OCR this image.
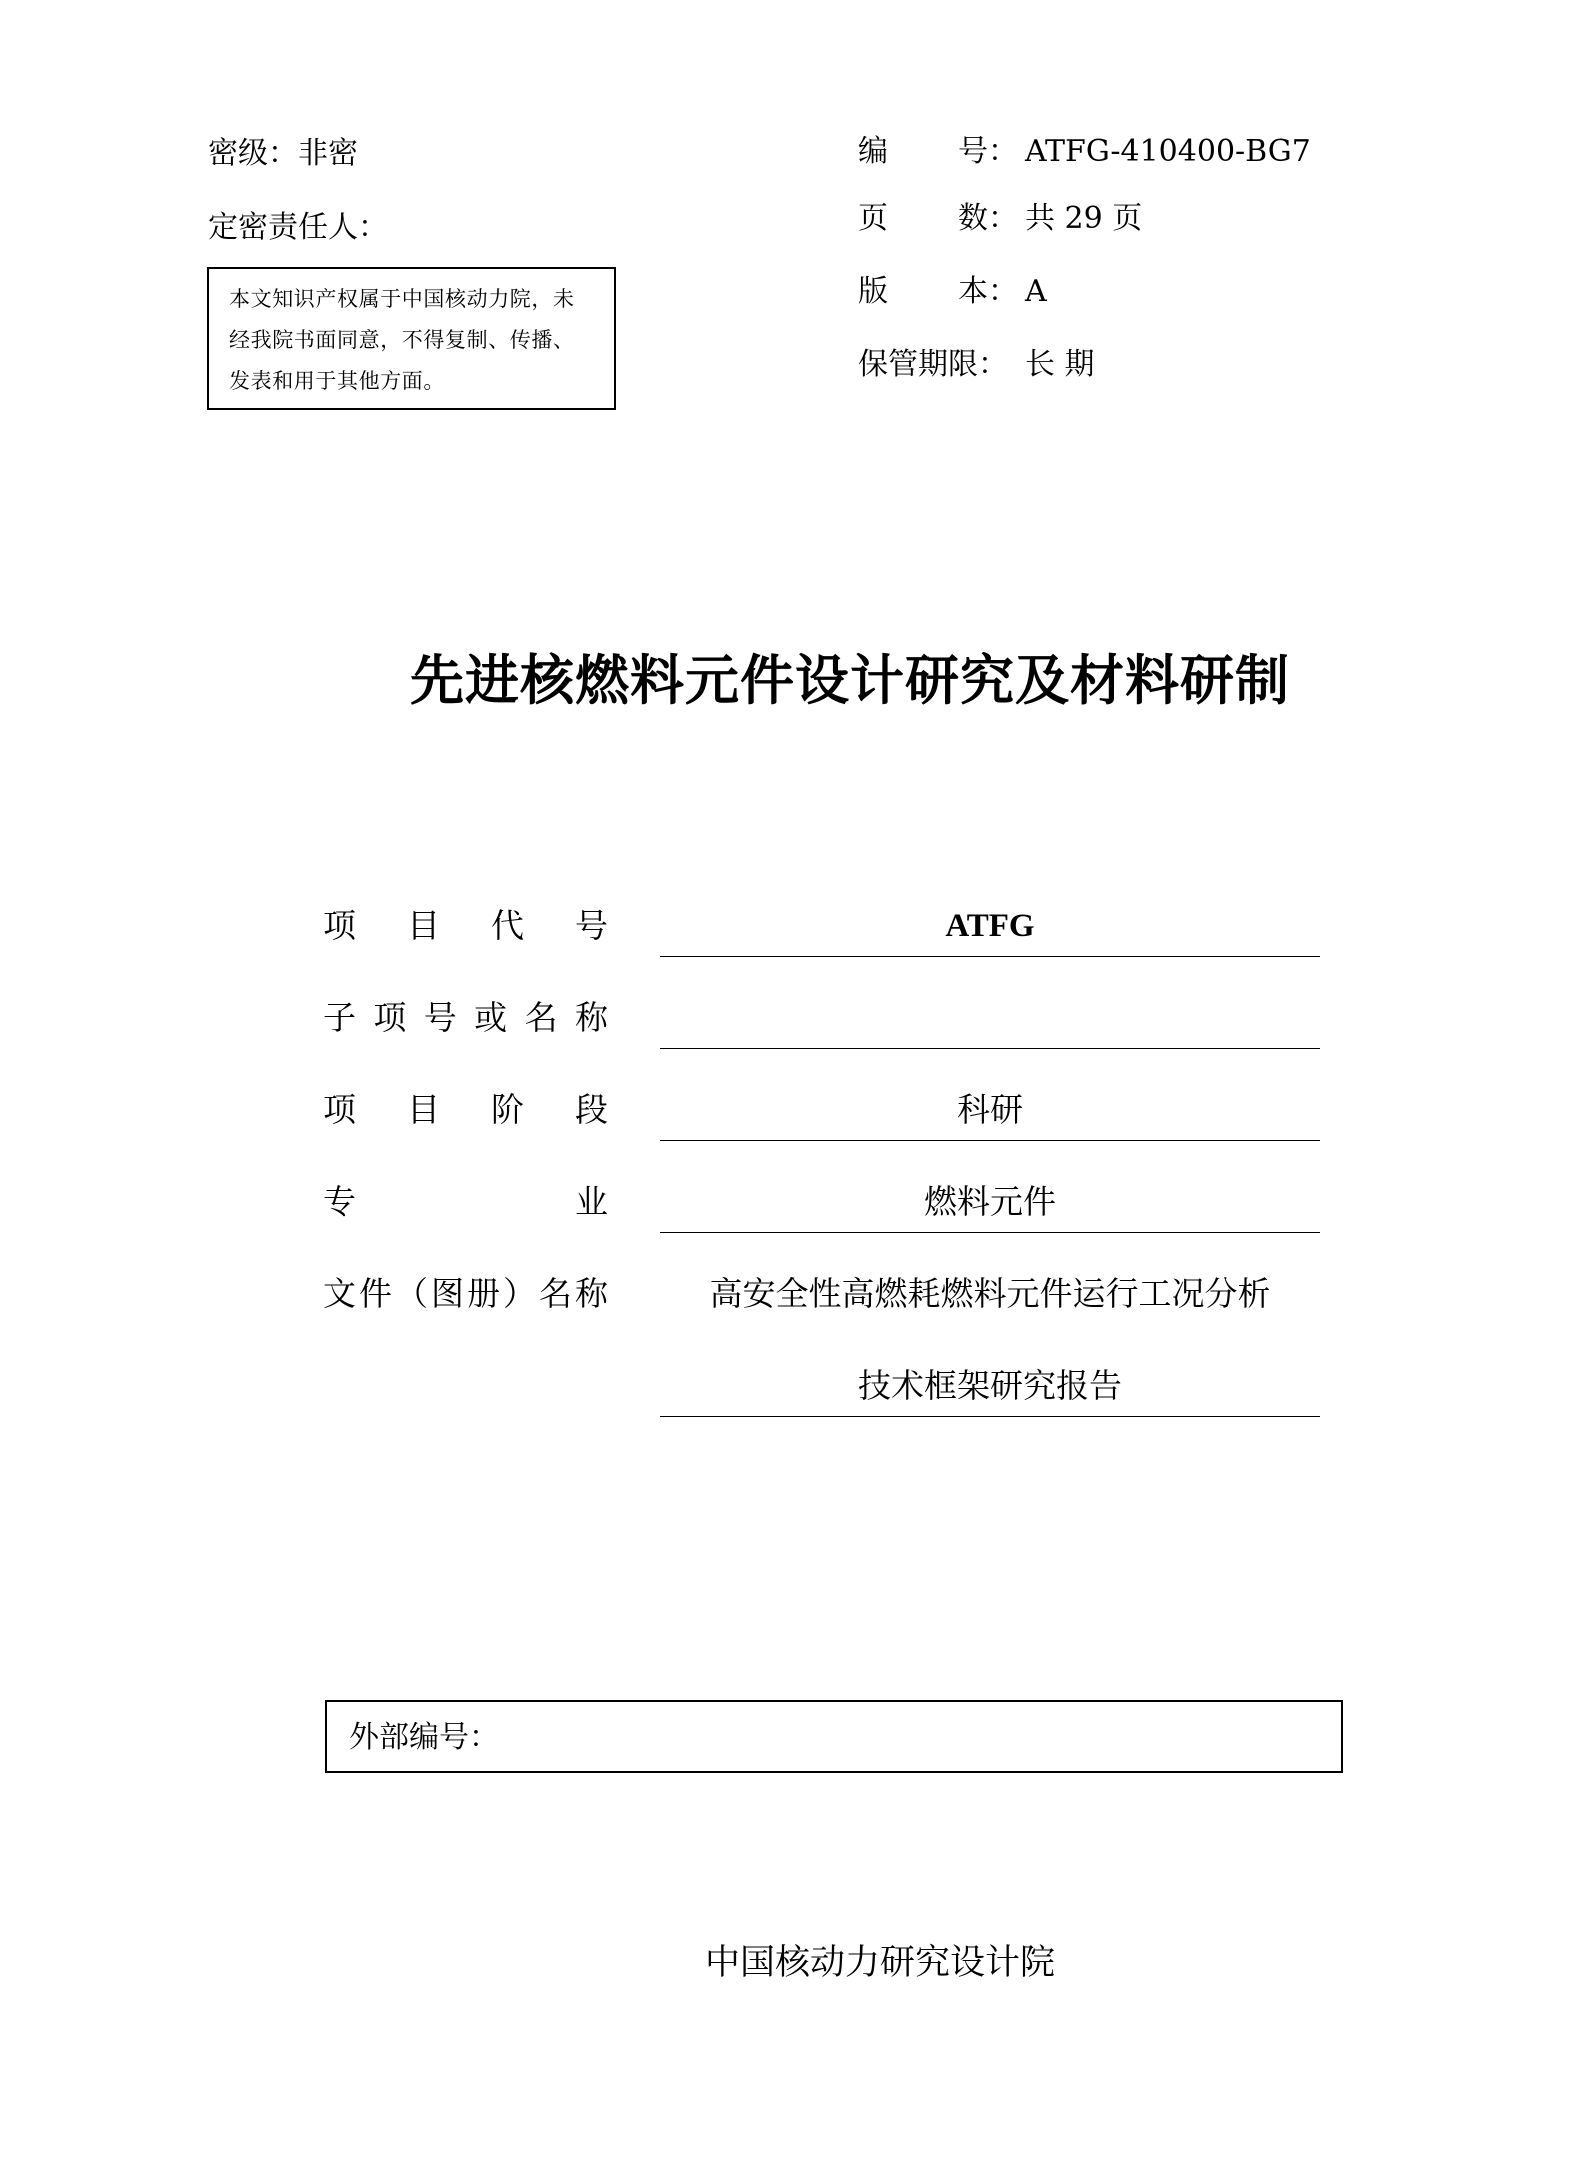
密级：非密
定密责任人：
本文知识产权属于中国核动力院，未经我院书面同意，不得复制、传播、发表和用于其他方面。
编 号： ATFG-410400-BG7
页 数： 共 29 页
版 本： A
保管期限： 长 期
先进核燃料元件设计研究及材料研制
项 目 代 号	ATFG
子 项 号 或 名 称
项 目 阶 段	科研
专	业	燃料元件
文 件 （ 图 册 ） 名 称	高安全性高燃耗燃料元件运行工况分析
技术框架研究报告
外部编号：
中国核动力研究设计院
